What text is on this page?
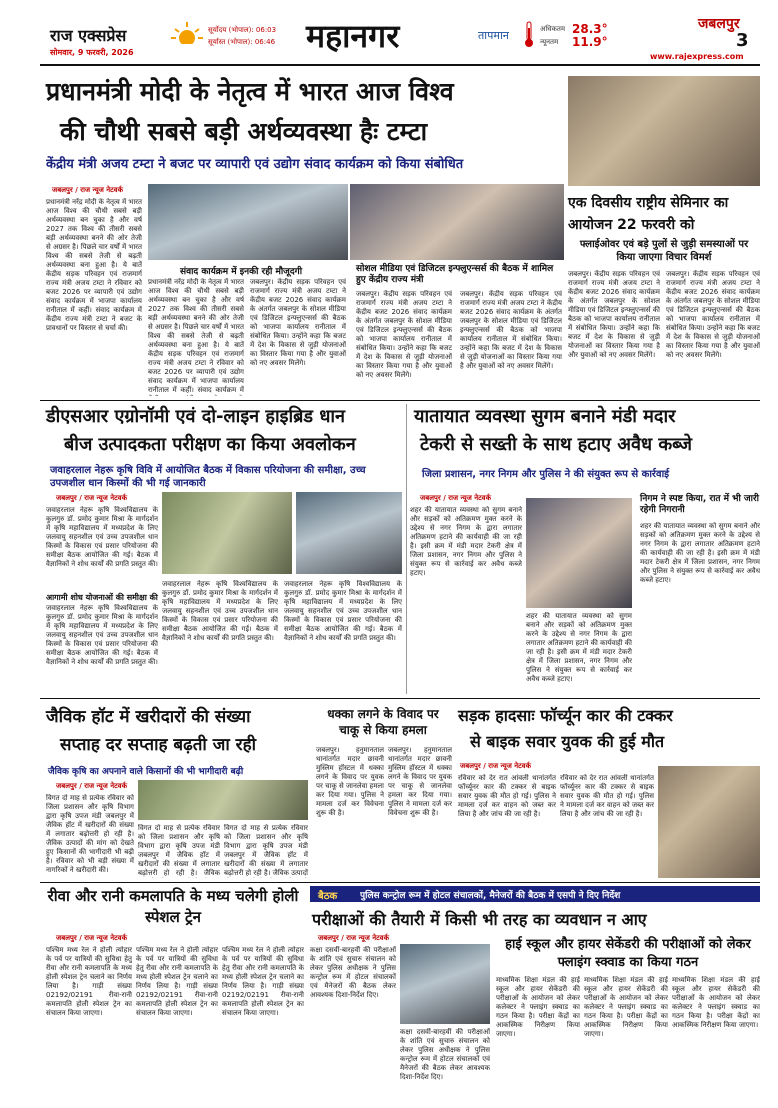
राज एक्सप्रेस
सोमवार, 9 फरवरी, 2026
सूर्योदय (भोपाल): 06:03
सूर्यास्त (भोपाल): 06:46 महानगर	तापमान	अधिकतम 28.3°
न्यूनतम 11.9°
जबलपुर
3
www.rajexpress.com
प्रधानमंत्री मोदी के नेतृत्व में भारत आज विश्व
की चौथी सबसे बड़ी अर्थव्यवस्था हैः टम्टा
केंद्रीय मंत्री अजय टम्टा ने बजट पर व्यापारी एवं उद्योग संवाद कार्यक्रम को किया संबोधित
जबलपुर / राज न्यूज नेटवर्क
प्रधानमंत्री नरेंद्र मोदी के नेतृत्व में भारत आज विश्व की चौथी सबसे बड़ी अर्थव्यवस्था बन चुका है और वर्ष 2027 तक विश्व की तीसरी सबसे बड़ी अर्थव्यवस्था बनने की ओर तेजी से अग्रसर है। पिछले चार वर्षों में भारत विश्व की सबसे तेजी से बढ़ती अर्थव्यवस्था बना हुआ है। ये बातें केंद्रीय सड़क परिवहन एवं राजमार्ग राज्य मंत्री अजय टम्टा ने रविवार को बजट 2026 पर व्यापारी एवं उद्योग संवाद कार्यक्रम में भाजपा कार्यालय रानीताल में कहीं। संवाद कार्यक्रम में केंद्रीय राज्य मंत्री टम्टा ने बजट के प्रावधानों पर विस्तार से चर्चा की।
संवाद कार्यक्रम में इनकी रही मौजूदगी	सोशल मीडिया एवं डिजिटल इन्फ्लुएन्सर्स की बैठक में शामिल हुए केंद्रीय राज्य मंत्री
प्रधानमंत्री नरेंद्र मोदी के नेतृत्व में भारत आज विश्व की चौथी सबसे बड़ी अर्थव्यवस्था बन चुका है और वर्ष 2027 तक विश्व की तीसरी सबसे बड़ी अर्थव्यवस्था बनने की ओर तेजी से अग्रसर है। पिछले चार वर्षों में भारत विश्व की सबसे तेजी से बढ़ती अर्थव्यवस्था बना हुआ है। ये बातें केंद्रीय सड़क परिवहन एवं राजमार्ग राज्य मंत्री अजय टम्टा ने रविवार को बजट 2026 पर व्यापारी एवं उद्योग संवाद कार्यक्रम में भाजपा कार्यालय रानीताल में कहीं। संवाद कार्यक्रम में
जबलपुर। केंद्रीय सड़क परिवहन एवं राजमार्ग राज्य मंत्री अजय टम्टा ने केंद्रीय बजट 2026 संवाद कार्यक्रम के अंतर्गत जबलपुर के सोशल मीडिया एवं डिजिटल इन्फ्लुएन्सर्स की बैठक को भाजपा कार्यालय रानीताल में संबोधित किया। उन्होंने कहा कि बजट में देश के विकास से जुड़ी योजनाओं का विस्तार किया गया है और युवाओं को नए अवसर मिलेंगे।
जबलपुर। केंद्रीय सड़क परिवहन एवं राजमार्ग राज्य मंत्री अजय टम्टा ने केंद्रीय बजट 2026 संवाद कार्यक्रम के अंतर्गत जबलपुर के सोशल मीडिया एवं डिजिटल इन्फ्लुएन्सर्स की बैठक को भाजपा कार्यालय रानीताल में संबोधित किया। उन्होंने कहा कि बजट में देश के विकास से जुड़ी योजनाओं का विस्तार किया गया है और युवाओं को नए अवसर मिलेंगे।
जबलपुर। केंद्रीय सड़क परिवहन एवं राजमार्ग राज्य मंत्री अजय टम्टा ने केंद्रीय बजट 2026 संवाद कार्यक्रम के अंतर्गत जबलपुर के सोशल मीडिया एवं डिजिटल इन्फ्लुएन्सर्स की बैठक को भाजपा कार्यालय रानीताल में संबोधित किया। उन्होंने कहा कि बजट में देश के विकास से जुड़ी योजनाओं का विस्तार किया गया है और युवाओं को नए अवसर मिलेंगे।
एक दिवसीय राष्ट्रीय सेमिनार का आयोजन 22 फरवरी को
फ्लाईओवर एवं बड़े पुलों से जुड़ी समस्याओं पर किया जाएगा विचार विमर्श
जबलपुर। केंद्रीय सड़क परिवहन एवं राजमार्ग राज्य मंत्री अजय टम्टा ने केंद्रीय बजट 2026 संवाद कार्यक्रम के अंतर्गत जबलपुर के सोशल मीडिया एवं डिजिटल इन्फ्लुएन्सर्स की बैठक को भाजपा कार्यालय रानीताल में संबोधित किया। उन्होंने कहा कि बजट में देश के विकास से जुड़ी योजनाओं का विस्तार किया गया है और युवाओं को नए अवसर मिलेंगे।
जबलपुर। केंद्रीय सड़क परिवहन एवं राजमार्ग राज्य मंत्री अजय टम्टा ने केंद्रीय बजट 2026 संवाद कार्यक्रम के अंतर्गत जबलपुर के सोशल मीडिया एवं डिजिटल इन्फ्लुएन्सर्स की बैठक को भाजपा कार्यालय रानीताल में संबोधित किया। उन्होंने कहा कि बजट में देश के विकास से जुड़ी योजनाओं का विस्तार किया गया है और युवाओं को नए अवसर मिलेंगे।
डीएसआर एग्रोनॉमी एवं दो-लाइन हाइब्रिड धान
बीज उत्पादकता परीक्षण का किया अवलोकन
जवाहरलाल नेहरू कृषि विवि में आयोजित बैठक में विकास परियोजना की समीक्षा, उच्च उपजशील धान किस्मों की भी गई जानकारी
जबलपुर / राज न्यूज नेटवर्क
जवाहरलाल नेहरू कृषि विश्वविद्यालय के कुलगुरु डॉ. प्रमोद कुमार मिश्रा के मार्गदर्शन में कृषि महाविद्यालय में मध्यप्रदेश के लिए जलवायु सहनशील एवं उच्च उपजशील धान किस्मों के विकास एवं प्रसार परियोजना की समीक्षा बैठक आयोजित की गई। बैठक में वैज्ञानिकों ने शोध कार्यों की प्रगति प्रस्तुत की।
आगामी शोध योजनाओं की समीक्षा की
जवाहरलाल नेहरू कृषि विश्वविद्यालय के कुलगुरु डॉ. प्रमोद कुमार मिश्रा के मार्गदर्शन में कृषि महाविद्यालय में मध्यप्रदेश के लिए जलवायु सहनशील एवं उच्च उपजशील धान किस्मों के विकास एवं प्रसार परियोजना की समीक्षा बैठक आयोजित की गई। बैठक में वैज्ञानिकों ने शोध कार्यों की प्रगति प्रस्तुत की।
जवाहरलाल नेहरू कृषि विश्वविद्यालय के कुलगुरु डॉ. प्रमोद कुमार मिश्रा के मार्गदर्शन में कृषि महाविद्यालय में मध्यप्रदेश के लिए जलवायु सहनशील एवं उच्च उपजशील धान किस्मों के विकास एवं प्रसार परियोजना की समीक्षा बैठक आयोजित की गई। बैठक में वैज्ञानिकों ने शोध कार्यों की प्रगति प्रस्तुत की।
जवाहरलाल नेहरू कृषि विश्वविद्यालय के कुलगुरु डॉ. प्रमोद कुमार मिश्रा के मार्गदर्शन में कृषि महाविद्यालय में मध्यप्रदेश के लिए जलवायु सहनशील एवं उच्च उपजशील धान किस्मों के विकास एवं प्रसार परियोजना की समीक्षा बैठक आयोजित की गई। बैठक में वैज्ञानिकों ने शोध कार्यों की प्रगति प्रस्तुत की।
यातायात व्यवस्था सुगम बनाने मंडी मदार
टेकरी से सख्ती के साथ हटाए अवैध कब्जे
जिला प्रशासन, नगर निगम और पुलिस ने की संयुक्त रूप से कार्रवाई
जबलपुर / राज न्यूज नेटवर्क
शहर की यातायात व्यवस्था को सुगम बनाने और सड़कों को अतिक्रमण मुक्त करने के उद्देश्य से नगर निगम के द्वारा लगातार अतिक्रमण हटाने की कार्यवाही की जा रही है। इसी क्रम में मंडी मदार टेकरी क्षेत्र में जिला प्रशासन, नगर निगम और पुलिस ने संयुक्त रूप से कार्रवाई कर अवैध कब्जे हटाए।
शहर की यातायात व्यवस्था को सुगम बनाने और सड़कों को अतिक्रमण मुक्त करने के उद्देश्य से नगर निगम के द्वारा लगातार अतिक्रमण हटाने की कार्यवाही की जा रही है। इसी क्रम में मंडी मदार टेकरी क्षेत्र में जिला प्रशासन, नगर निगम और पुलिस ने संयुक्त रूप से कार्रवाई कर अवैध कब्जे हटाए।
निगम ने स्पष्ट किया, रात में भी जारी रहेगी निगरानी
शहर की यातायात व्यवस्था को सुगम बनाने और सड़कों को अतिक्रमण मुक्त करने के उद्देश्य से नगर निगम के द्वारा लगातार अतिक्रमण हटाने की कार्यवाही की जा रही है। इसी क्रम में मंडी मदार टेकरी क्षेत्र में जिला प्रशासन, नगर निगम और पुलिस ने संयुक्त रूप से कार्रवाई कर अवैध कब्जे हटाए।
जैविक हॉट में खरीदारों की संख्या
सप्ताह दर सप्ताह बढ़ती जा रही
जैविक कृषि का अपनाने वाले किसानों की भी भागीदारी बढ़ी
जबलपुर / राज न्यूज नेटवर्क
विगत दो माह से प्रत्येक रविवार को जिला प्रशासन और कृषि विभाग द्वारा कृषि उपज मंडी जबलपुर में जैविक हॉट में खरीदारों की संख्या में लगातार बढ़ोत्तरी हो रही है। जैविक उत्पादों की मांग को देखते हुए किसानों की भागीदारी भी बढ़ी है। रविवार को भी बड़ी संख्या में नागरिकों ने खरीदारी की।
विगत दो माह से प्रत्येक रविवार को जिला प्रशासन और कृषि विभाग द्वारा कृषि उपज मंडी जबलपुर में जैविक हॉट में खरीदारों की संख्या में लगातार बढ़ोत्तरी हो रही है। जैविक
विगत दो माह से प्रत्येक रविवार को जिला प्रशासन और कृषि विभाग द्वारा कृषि उपज मंडी जबलपुर में जैविक हॉट में खरीदारों की संख्या में लगातार बढ़ोत्तरी हो रही है। जैविक उत्पादों
धक्का लगने के विवाद पर चाकू से किया हमला
जबलपुर। हनुमानताल थानांतर्गत मदार छावनी मुस्लिम हॉस्टल में धक्का लगने के विवाद पर युवक पर चाकू से जानलेवा हमला कर दिया गया। पुलिस ने मामला दर्ज कर विवेचना शुरू की है।
जबलपुर। हनुमानताल थानांतर्गत मदार छावनी मुस्लिम हॉस्टल में धक्का लगने के विवाद पर युवक पर चाकू से जानलेवा हमला कर दिया गया। पुलिस ने मामला दर्ज कर विवेचना शुरू की है।
सड़क हादसाः फॉर्च्यून कार की टक्कर
से बाइक सवार युवक की हुई मौत
जबलपुर / राज न्यूज नेटवर्क
रविवार को देर रात आंवली थानांतर्गत फॉर्च्यूनर कार की टक्कर से बाइक सवार युवक की मौत हो गई। पुलिस ने मामला दर्ज कर वाहन को जब्त कर लिया है और जांच की जा रही है।
रविवार को देर रात आंवली थानांतर्गत फॉर्च्यूनर कार की टक्कर से बाइक सवार युवक की मौत हो गई। पुलिस ने मामला दर्ज कर वाहन को जब्त कर लिया है और जांच की जा रही है।
रीवा और रानी कमलापति के मध्य चलेगी होली स्पेशल ट्रेन
जबलपुर / राज न्यूज नेटवर्क
पश्चिम मध्य रेल ने होली त्योहार के पर्व पर यात्रियों की सुविधा हेतु रीवा और रानी कमलापति के मध्य होली स्पेशल ट्रेन चलाने का निर्णय लिया है। गाड़ी संख्या 02192/02191 रीवा-रानी कमलापति होली स्पेशल ट्रेन का संचालन किया जाएगा।
पश्चिम मध्य रेल ने होली त्योहार के पर्व पर यात्रियों की सुविधा हेतु रीवा और रानी कमलापति के मध्य होली स्पेशल ट्रेन चलाने का निर्णय लिया है। गाड़ी संख्या 02192/02191 रीवा-रानी कमलापति होली स्पेशल ट्रेन का संचालन किया जाएगा।
पश्चिम मध्य रेल ने होली त्योहार के पर्व पर यात्रियों की सुविधा हेतु रीवा और रानी कमलापति के मध्य होली स्पेशल ट्रेन चलाने का निर्णय लिया है। गाड़ी संख्या 02192/02191 रीवा-रानी कमलापति होली स्पेशल ट्रेन का संचालन किया जाएगा।
बैठक	पुलिस कन्ट्रोल रूम में होटल संचालकों, मैनेजरों की बैठक में एसपी ने दिए निर्देश
परीक्षाओं की तैयारी में किसी भी तरह का व्यवधान न आए
जबलपुर / राज न्यूज नेटवर्क
कक्षा दसवीं-बारहवीं की परीक्षाओं के शांति एवं सुचारु संचालन को लेकर पुलिस अधीक्षक ने पुलिस कन्ट्रोल रूम में होटल संचालकों एवं मैनेजरों की बैठक लेकर आवश्यक दिशा-निर्देश दिए।
कक्षा दसवीं-बारहवीं की परीक्षाओं के शांति एवं सुचारु संचालन को लेकर पुलिस अधीक्षक ने पुलिस कन्ट्रोल रूम में होटल संचालकों एवं मैनेजरों की बैठक लेकर आवश्यक दिशा-निर्देश दिए।
हाई स्कूल और हायर सेकेंडरी की परीक्षाओं को लेकर फ्लाइंग स्क्वाड का किया गठन
माध्यमिक शिक्षा मंडल की हाई स्कूल और हायर सेकेंडरी की परीक्षाओं के आयोजन को लेकर कलेक्टर ने फ्लाइंग स्क्वाड का गठन किया है। परीक्षा केंद्रों का आकस्मिक निरीक्षण किया जाएगा।
माध्यमिक शिक्षा मंडल की हाई स्कूल और हायर सेकेंडरी की परीक्षाओं के आयोजन को लेकर कलेक्टर ने फ्लाइंग स्क्वाड का गठन किया है। परीक्षा केंद्रों का आकस्मिक निरीक्षण किया जाएगा।
माध्यमिक शिक्षा मंडल की हाई स्कूल और हायर सेकेंडरी की परीक्षाओं के आयोजन को लेकर कलेक्टर ने फ्लाइंग स्क्वाड का गठन किया है। परीक्षा केंद्रों का आकस्मिक निरीक्षण किया जाएगा।
